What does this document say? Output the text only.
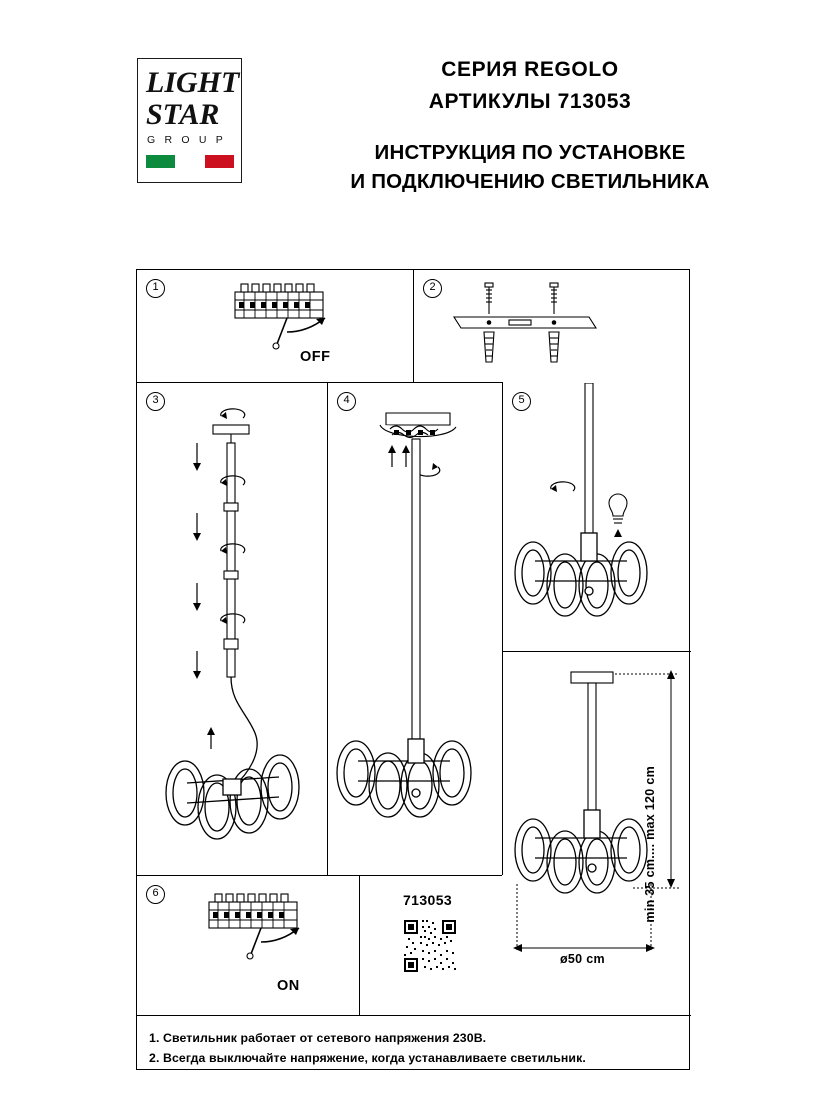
LIGHT
STAR
G R O U P
СЕРИЯ REGOLO
АРТИКУЛЫ 713053
ИНСТРУКЦИЯ ПО УСТАНОВКЕ
И ПОДКЛЮЧЕНИЮ СВЕТИЛЬНИКА
1
OFF
2
3	4	5
min 35 cm.... max 120 cm
ø50 cm
6
ON
713053
1. Светильник работает от сетевого напряжения 230В.
2. Всегда выключайте напряжение, когда устанавливаете светильник.
